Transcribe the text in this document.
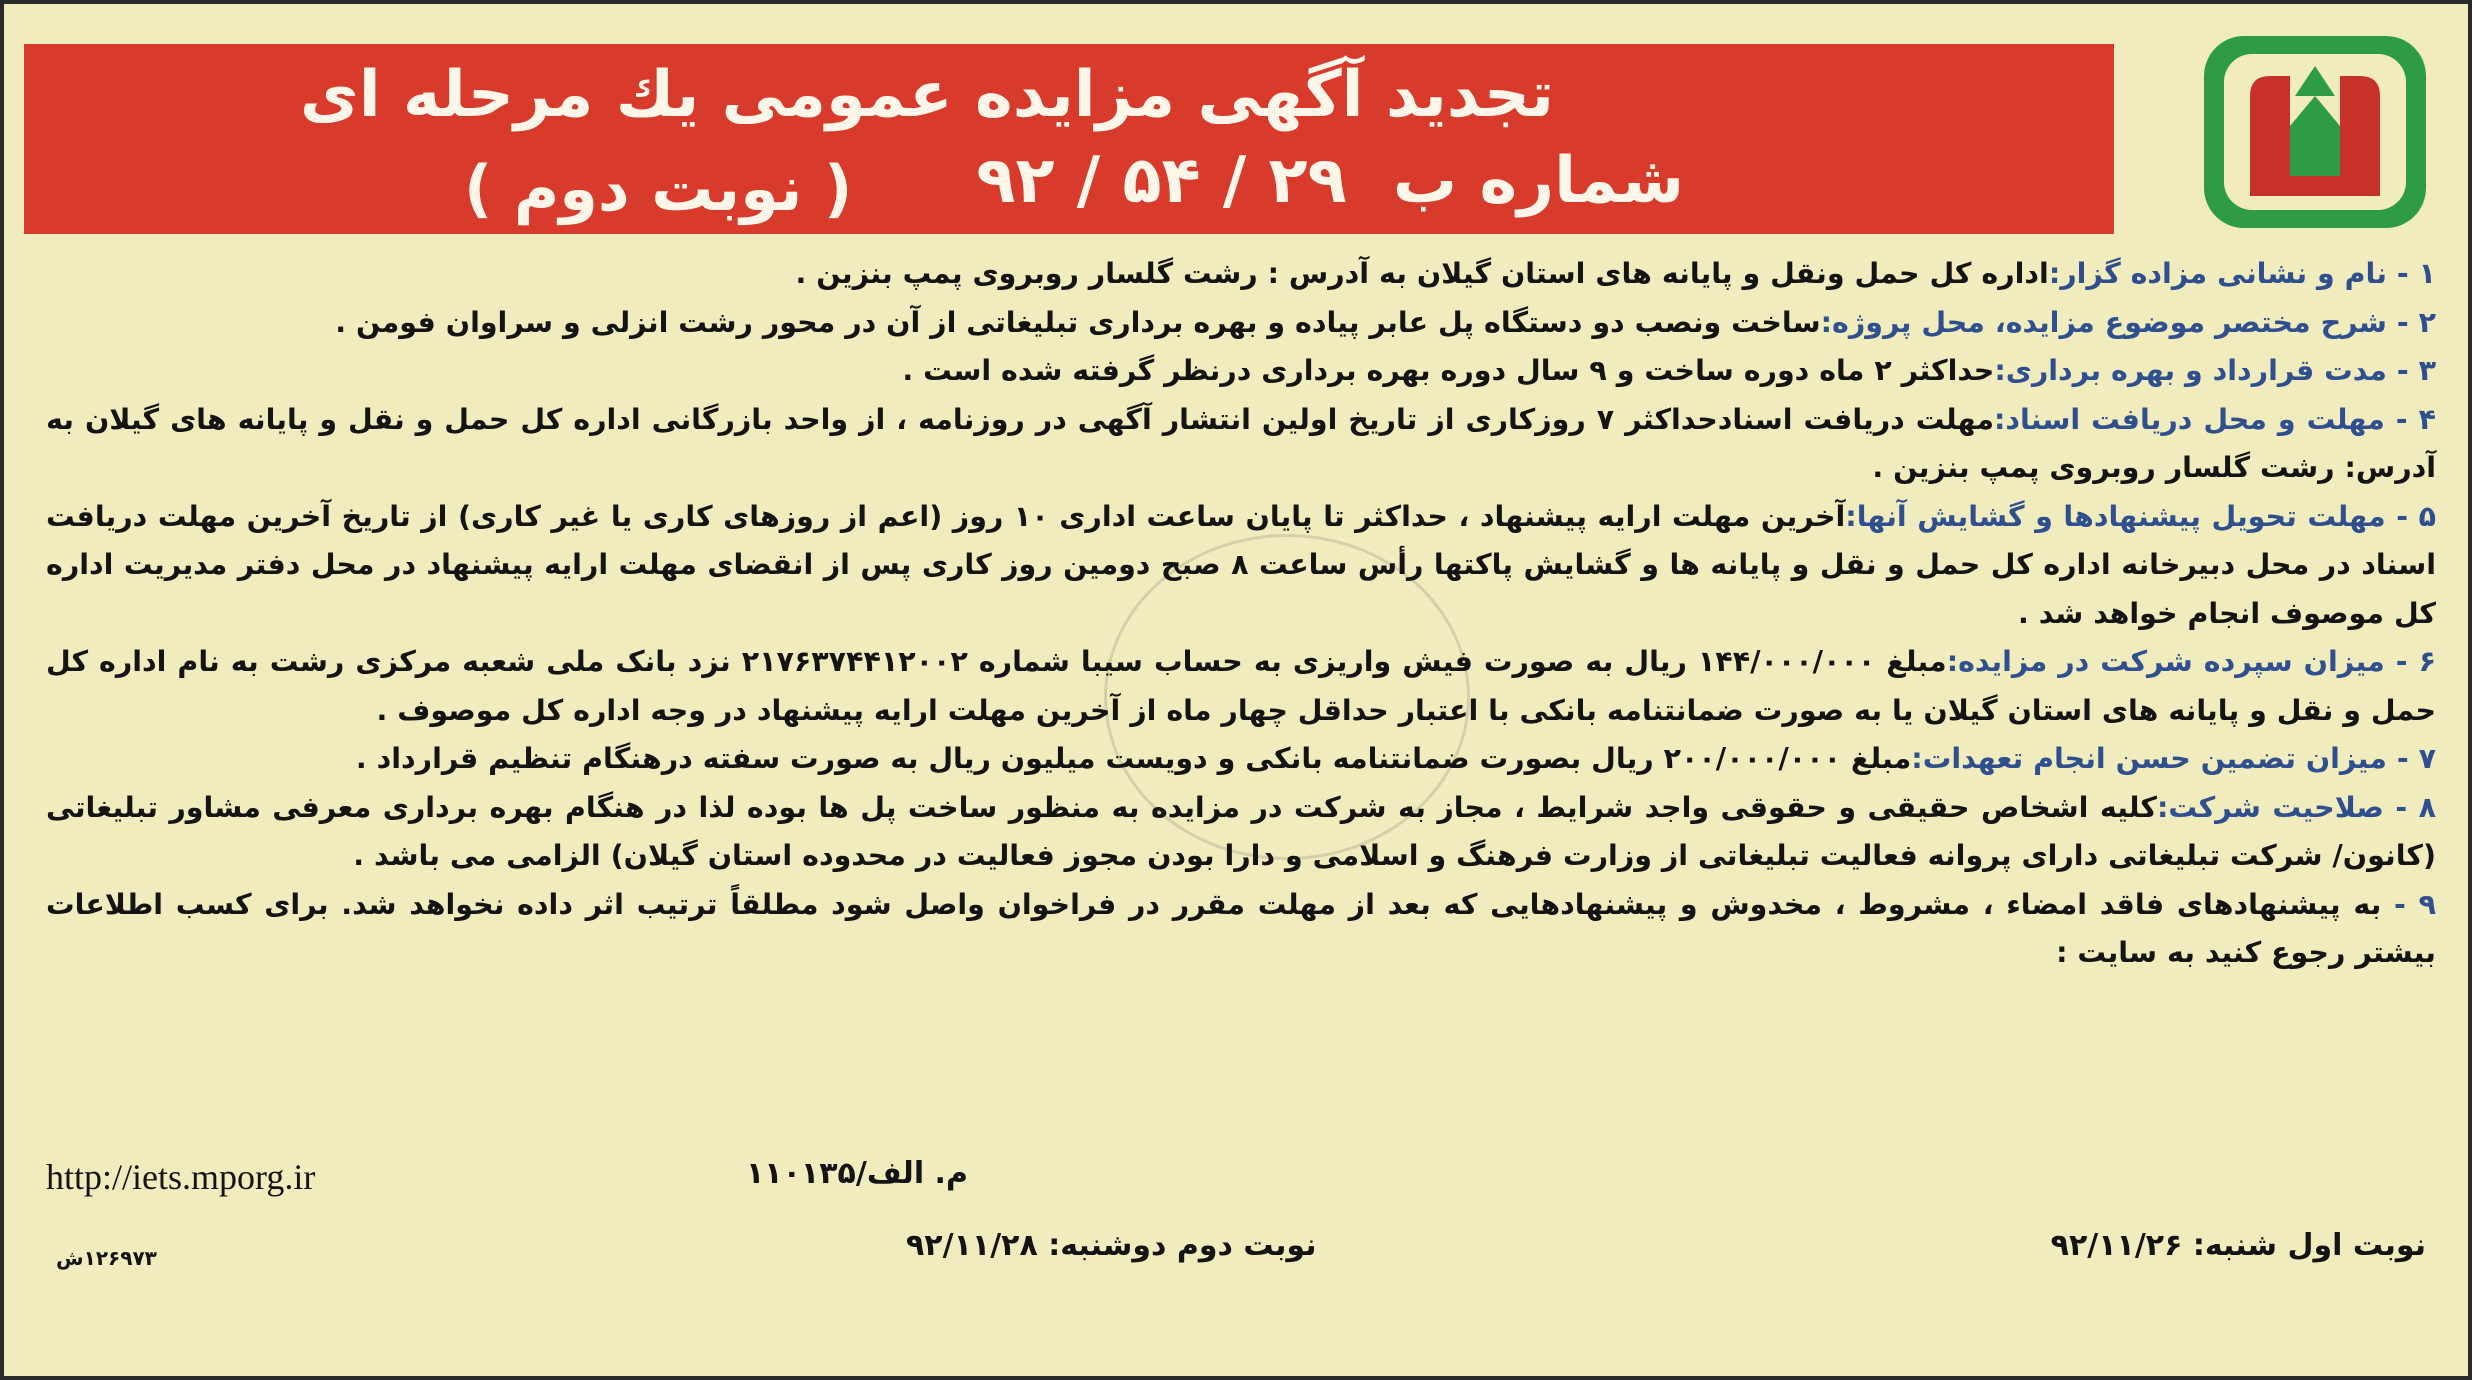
تجدید آگهی مزایده عمومی یك مرحله ای
شماره ب ۹۲ / ۵۴ / ۲۹
( نوبت دوم )

۱ - نام و نشانی مزاده گزار:اداره کل حمل ونقل و پایانه های استان گیلان به آدرس : رشت گلسار روبروی پمپ بنزین .

۲ - شرح مختصر موضوع مزایده، محل پروژه:ساخت ونصب دو دستگاه پل عابر پیاده و بهره برداری تبلیغاتی از آن در محور رشت انزلی و سراوان فومن .

۳ - مدت قرارداد و بهره برداری:حداکثر ۲ ماه دوره ساخت و ۹ سال دوره بهره برداری درنظر گرفته شده است .

۴ - مهلت و محل دریافت اسناد:مهلت دریافت اسنادحداکثر ۷ روزکاری از تاریخ اولین انتشار آگهی در روزنامه ، از واحد بازرگانی اداره کل حمل و نقل و پایانه های گیلان به آدرس: رشت گلسار روبروی پمپ بنزین .

۵ - مهلت تحویل پیشنهادها و گشایش آنها:آخرین مهلت ارایه پیشنهاد ، حداکثر تا پایان ساعت اداری ۱۰ روز (اعم از روزهای کاری یا غیر کاری) از تاریخ آخرین مهلت دریافت اسناد در محل دبیرخانه اداره کل حمل و نقل و پایانه ها و گشایش پاکتها رأس ساعت ۸ صبح دومین روز کاری پس از انقضای مهلت ارایه پیشنهاد در محل دفتر مدیریت اداره کل موصوف انجام خواهد شد .

۶ - میزان سپرده شرکت در مزایده:مبلغ ۱۴۴/۰۰۰/۰۰۰ ریال به صورت فیش واریزی به حساب سیبا شماره ۲۱۷۶۳۷۴۴۱۲۰۰۲ نزد بانک ملی شعبه مرکزی رشت به نام اداره کل حمل و نقل و پایانه های استان گیلان یا به صورت ضمانتنامه بانکی با اعتبار حداقل چهار ماه از آخرین مهلت ارایه پیشنهاد در وجه اداره کل موصوف .

۷ - میزان تضمین حسن انجام تعهدات:مبلغ ۲۰۰/۰۰۰/۰۰۰ ریال بصورت ضمانتنامه بانکی و دویست میلیون ریال به صورت سفته درهنگام تنظیم قرارداد .

۸ - صلاحیت شرکت:کلیه اشخاص حقیقی و حقوقی واجد شرایط ، مجاز به شرکت در مزایده به منظور ساخت پل ها بوده لذا در هنگام بهره برداری معرفی مشاور تبلیغاتی (کانون/ شرکت تبلیغاتی دارای پروانه فعالیت تبلیغاتی از وزارت فرهنگ و اسلامی و دارا بودن مجوز فعالیت در محدوده استان گیلان) الزامی می باشد .

۹ - به پیشنهادهای فاقد امضاء ، مشروط ، مخدوش و پیشنهادهایی که بعد از مهلت مقرر در فراخوان واصل شود مطلقاً ترتیب اثر داده نخواهد شد. برای کسب اطلاعات بیشتر رجوع کنید به سایت :

http://iets.mporg.ir	م. الف/۱۱۰۱۳۵
نوبت اول شنبه: ۹۲/۱۱/۲۶
نوبت دوم دوشنبه: ۹۲/۱۱/۲۸
۱۲۶۹۷۳ش
